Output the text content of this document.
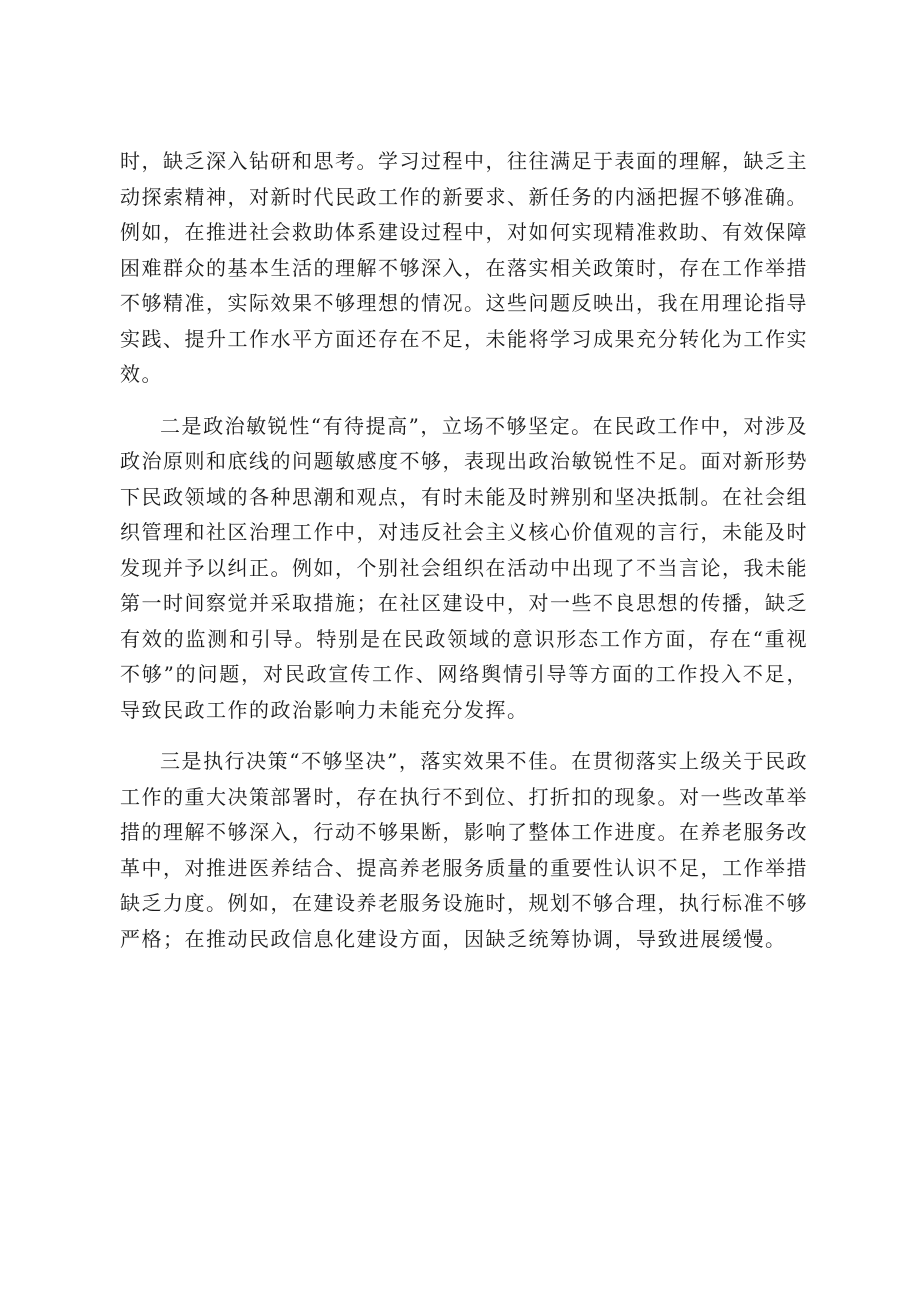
时，缺乏深入钻研和思考。学习过程中，往往满足于表面的理解，缺乏主动探索精神，对新时代民政工作的新要求、新任务的内涵把握不够准确。例如，在推进社会救助体系建设过程中，对如何实现精准救助、有效保障困难群众的基本生活的理解不够深入，在落实相关政策时，存在工作举措不够精准，实际效果不够理想的情况。这些问题反映出，我在用理论指导实践、提升工作水平方面还存在不足，未能将学习成果充分转化为工作实效。

二是政治敏锐性“有待提高”，立场不够坚定。在民政工作中，对涉及政治原则和底线的问题敏感度不够，表现出政治敏锐性不足。面对新形势下民政领域的各种思潮和观点，有时未能及时辨别和坚决抵制。在社会组织管理和社区治理工作中，对违反社会主义核心价值观的言行，未能及时发现并予以纠正。例如，个别社会组织在活动中出现了不当言论，我未能第一时间察觉并采取措施；在社区建设中，对一些不良思想的传播，缺乏有效的监测和引导。特别是在民政领域的意识形态工作方面，存在“重视不够”的问题，对民政宣传工作、网络舆情引导等方面的工作投入不足，导致民政工作的政治影响力未能充分发挥。

三是执行决策“不够坚决”，落实效果不佳。在贯彻落实上级关于民政工作的重大决策部署时，存在执行不到位、打折扣的现象。对一些改革举措的理解不够深入，行动不够果断，影响了整体工作进度。在养老服务改革中，对推进医养结合、提高养老服务质量的重要性认识不足，工作举措缺乏力度。例如，在建设养老服务设施时，规划不够合理，执行标准不够严格；在推动民政信息化建设方面，因缺乏统筹协调，导致进展缓慢。
